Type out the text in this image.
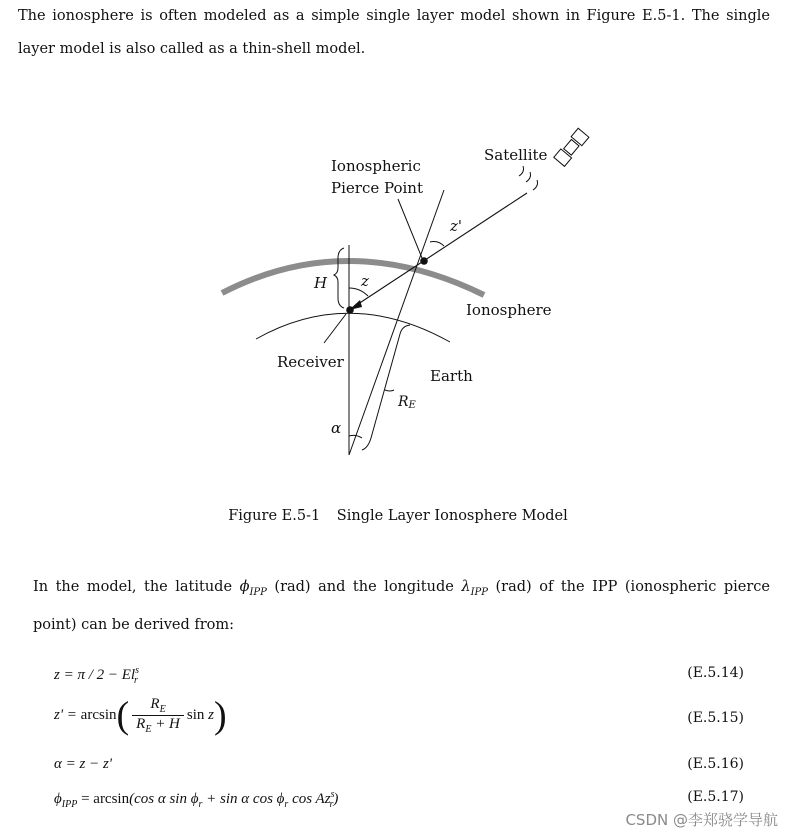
The ionosphere is often modeled as a simple single layer model shown in Figure E.5-1. The single layer model is also called as a thin-shell model.

Ionospheric
Pierce Point
Satellite
z'
H z
Ionosphere
Receiver
Earth
RE
α
Figure E.5-1 Single Layer Ionosphere Model

In the model, the latitude $\phi_{IPP}$ (rad) and the longitude $\lambda_{IPP}$ (rad) of the IPP (ionospheric pierce point) can be derived from:

$z = \pi / 2 - El^s_r$	(E.5.14)
$z' = \arcsin( \frac{R_E}{R_E + H}$ sin z)	(E.5.15)
α = z − z'	(E.5.16)
$\phi_{IPP} = \arcsin(\cos$ α $\sin \phi_r + \sin \alpha$ $\cos \phi_r$ $\cos Az^s_r$)	(E.5.17)
CSDN @李郑骁学导航
